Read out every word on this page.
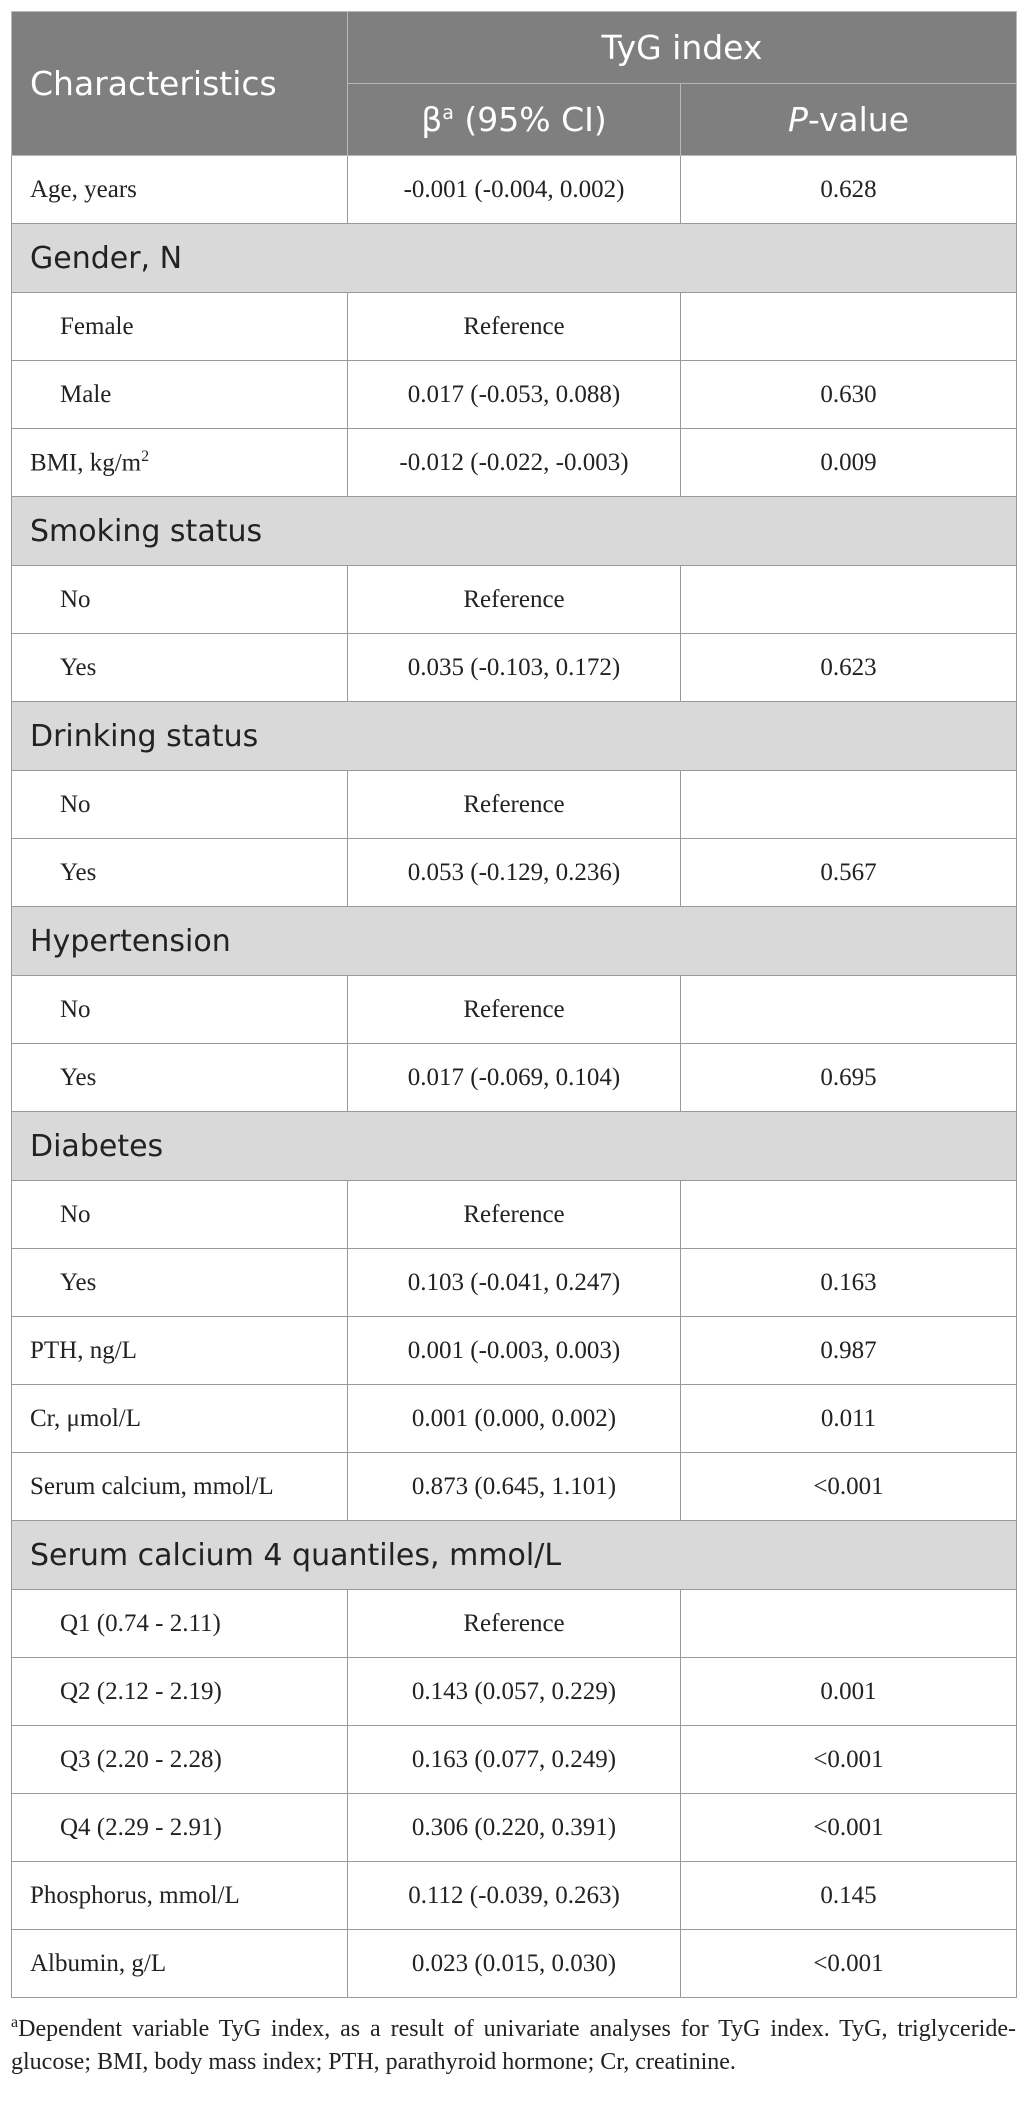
Characteristics	TyG index	
	$\beta^a$ (95% CI)	P-value
Age, years	-0.001 (-0.004, 0.002)	0.628
Gender, N		
Female	Reference	
Male	0.017 (-0.053, 0.088)	0.630
BMI, $kg/m^2$	-0.012 (-0.022, -0.003)	0.009
Smoking status		
No	Reference	
Yes	0.035 (-0.103, 0.172)	0.623
Drinking status		
No	Reference	
Yes	0.053 (-0.129, 0.236)	0.567
Hypertension		
No	Reference	
Yes	0.017 (-0.069, 0.104)	0.695
Diabetes		
No	Reference	
Yes	0.103 (-0.041, 0.247)	0.163
PTH, ng/L	0.001 (-0.003, 0.003)	0.987
Cr, μmol/L	0.001 (0.000, 0.002)	0.011
Serum calcium, mmol/L	0.873 (0.645, 1.101)	<0.001
Serum calcium 4 quantiles, mmol/L		
Q1 (0.74 - 2.11)	Reference	
Q2 (2.12 - 2.19)	0.143 (0.057, 0.229)	0.001
Q3 (2.20 - 2.28)	0.163 (0.077, 0.249)	<0.001
Q4 (2.29 - 2.91)	0.306 (0.220, 0.391)	<0.001
Phosphorus, mmol/L	0.112 (-0.039, 0.263)	0.145
Albumin, g/L	0.023 (0.015, 0.030)	<0.001
$^a$Dependent variable TyG index, as a result of univariate analyses for TyG index. TyG, triglyceride-glucose; BMI, body mass index; PTH, parathyroid hormone; Cr, creatinine.
